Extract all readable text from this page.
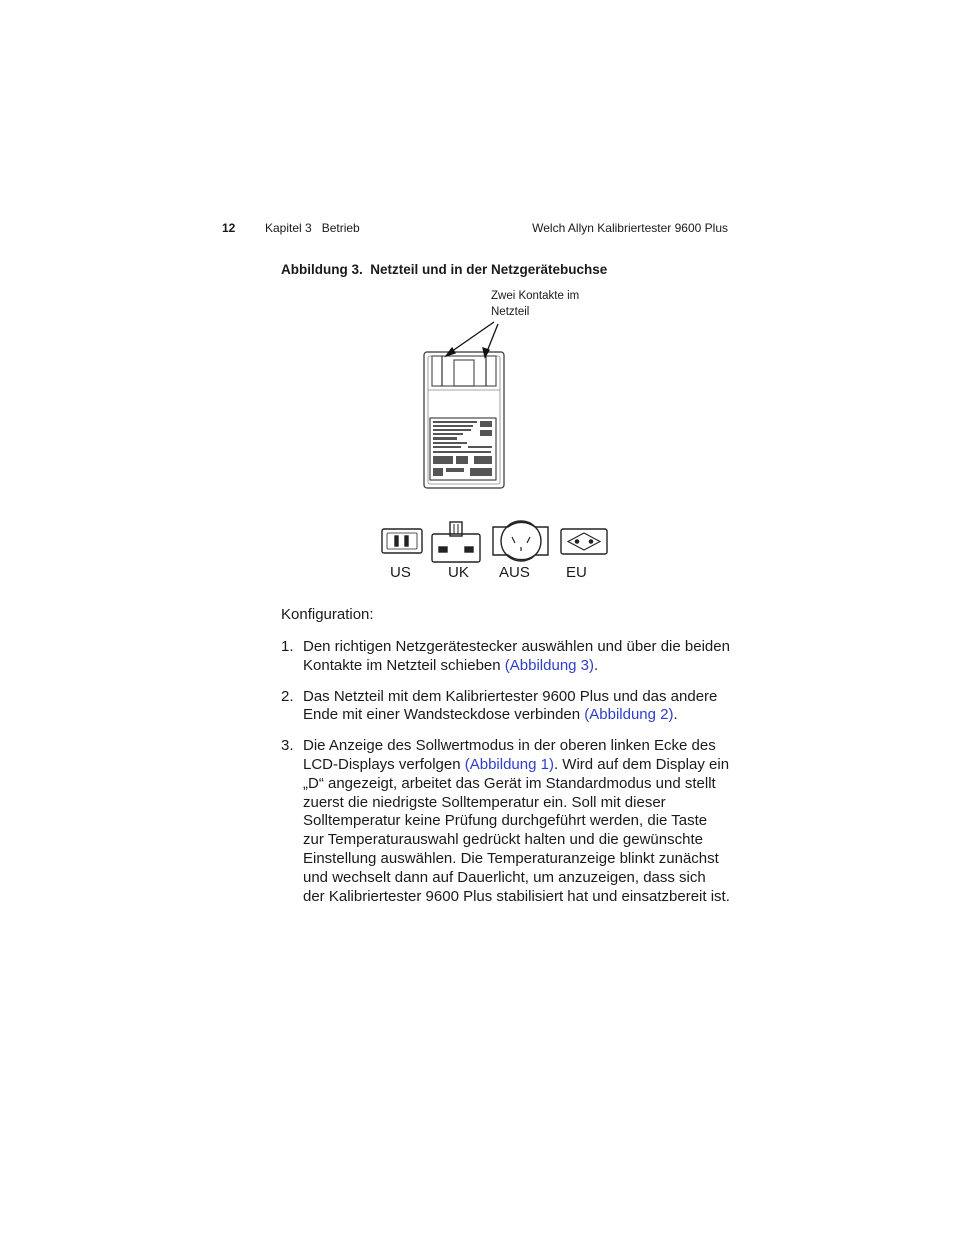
12 Kapitel 3   Betrieb	Welch Allyn Kalibriertester 9600 Plus
Abbildung 3.  Netzteil und in der Netzgerätebuchse
Zwei Kontakte im
Netzteil
US UK AUS EU
Konfiguration:
1. Den richtigen Netzgerätestecker auswählen und über die beiden Kontakte im Netzteil schieben (Abbildung 3).
2. Das Netzteil mit dem Kalibriertester 9600 Plus und das andere Ende mit einer Wandsteckdose verbinden (Abbildung 2).
3. Die Anzeige des Sollwertmodus in der oberen linken Ecke des LCD-Displays verfolgen (Abbildung 1). Wird auf dem Display ein „D“ angezeigt, arbeitet das Gerät im Standardmodus und stellt zuerst die niedrigste Solltemperatur ein. Soll mit dieser Solltemperatur keine Prüfung durchgeführt werden, die Taste zur Temperaturauswahl gedrückt halten und die gewünschte Einstellung auswählen. Die Temperaturanzeige blinkt zunächst und wechselt dann auf Dauerlicht, um anzuzeigen, dass sich der Kalibriertester 9600 Plus stabilisiert hat und einsatzbereit ist.
